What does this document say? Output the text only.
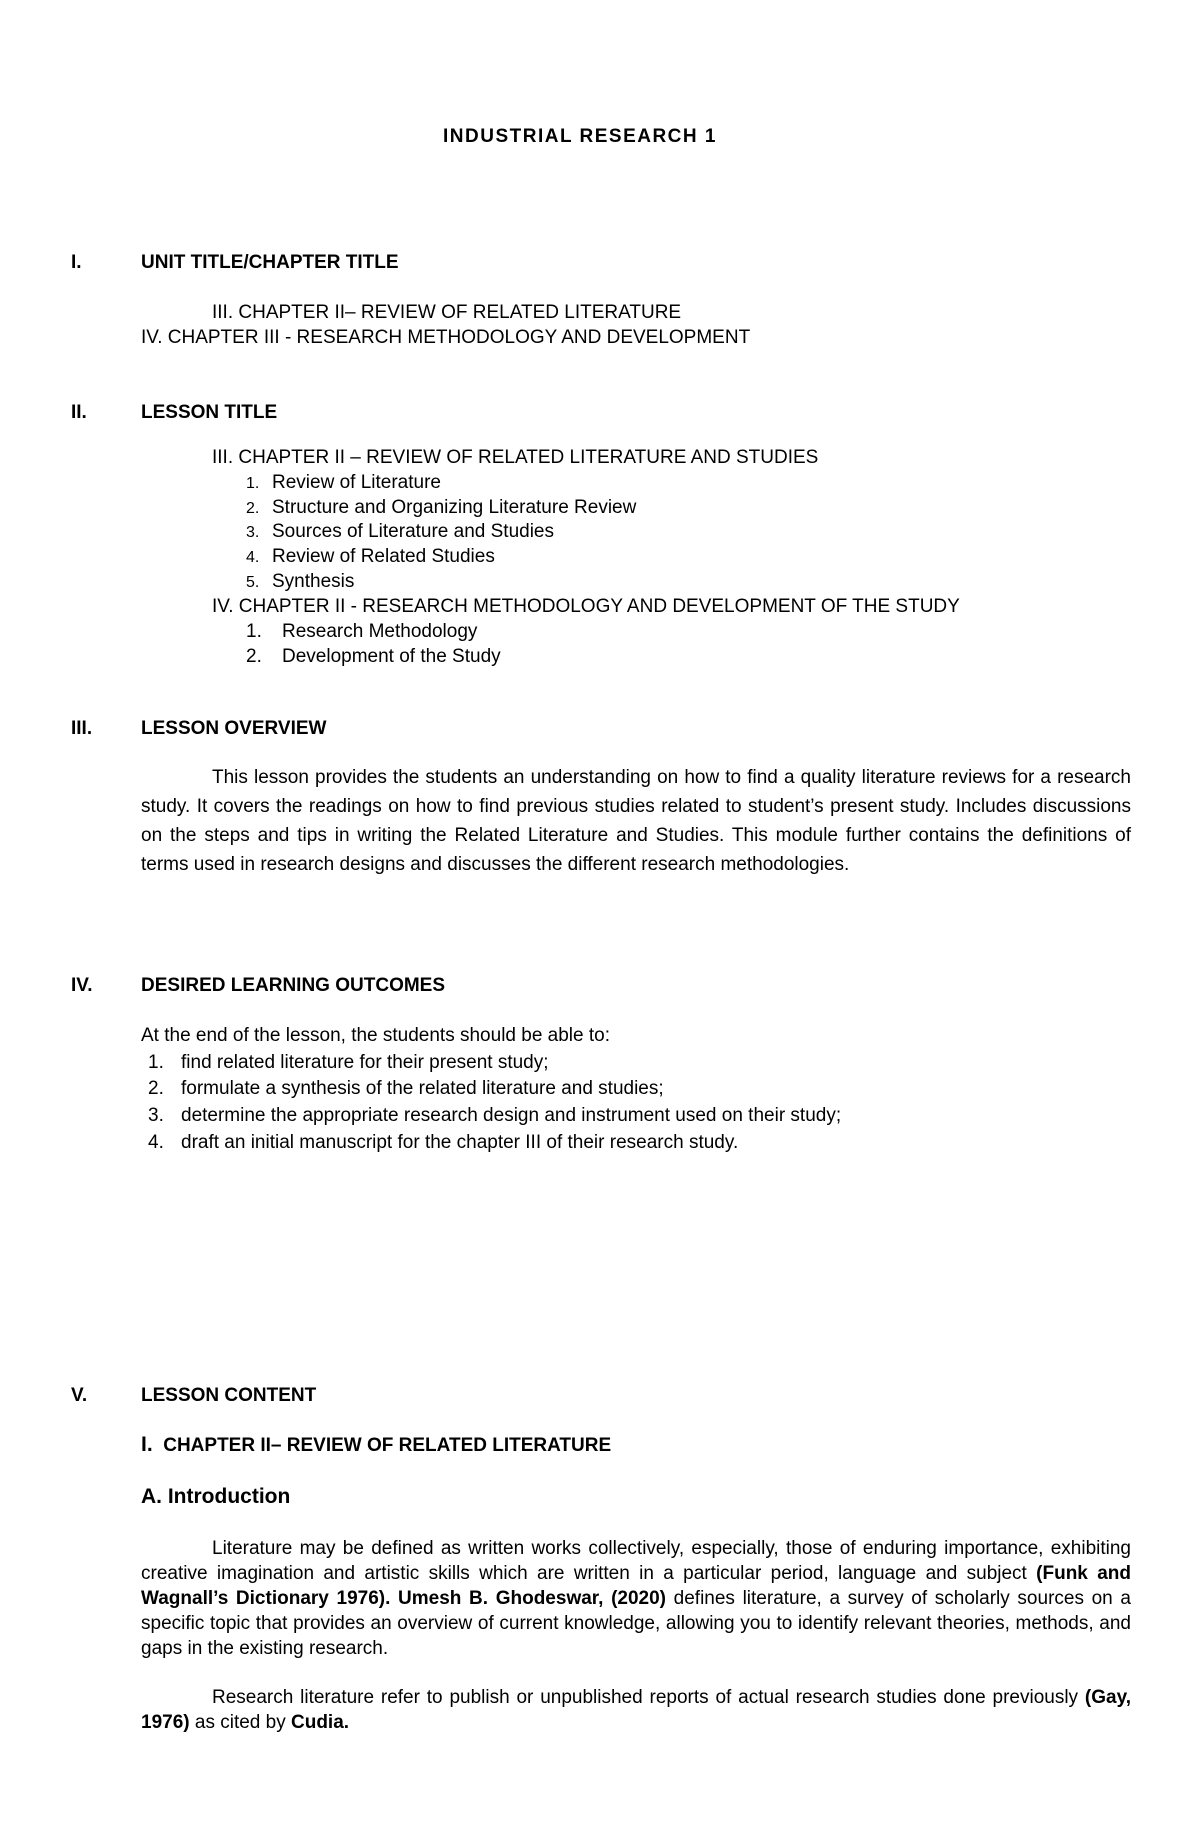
INDUSTRIAL RESEARCH 1
I.	UNIT TITLE/CHAPTER TITLE
III. CHAPTER II– REVIEW OF RELATED LITERATURE
IV. CHAPTER III - RESEARCH METHODOLOGY AND DEVELOPMENT
II.	LESSON TITLE
III. CHAPTER II – REVIEW OF RELATED LITERATURE AND STUDIES
1. Review of Literature
2. Structure and Organizing Literature Review
3. Sources of Literature and Studies
4. Review of Related Studies
5. Synthesis
IV. CHAPTER II - RESEARCH METHODOLOGY AND DEVELOPMENT OF THE STUDY
1. Research Methodology
2. Development of the Study
III.	LESSON OVERVIEW

This lesson provides the students an understanding on how to find a quality literature reviews for a research study. It covers the readings on how to find previous studies related to student’s present study. Includes discussions on the steps and tips in writing the Related Literature and Studies. This module further contains the definitions of terms used in research designs and discusses the different research methodologies.

IV.	DESIRED LEARNING OUTCOMES
At the end of the lesson, the students should be able to:
1. find related literature for their present study;
2. formulate a synthesis of the related literature and studies;
3. determine the appropriate research design and instrument used on their study;
4. draft an initial manuscript for the chapter III of their research study.
V.	LESSON CONTENT
I. CHAPTER II– REVIEW OF RELATED LITERATURE
A. Introduction

Literature may be defined as written works collectively, especially, those of enduring importance, exhibiting creative imagination and artistic skills which are written in a particular period, language and subject (Funk and Wagnall’s Dictionary 1976). Umesh B. Ghodeswar, (2020) defines literature, a survey of scholarly sources on a specific topic that provides an overview of current knowledge, allowing you to identify relevant theories, methods, and gaps in the existing research.

Research literature refer to publish or unpublished reports of actual research studies done previously (Gay, 1976) as cited by Cudia.
